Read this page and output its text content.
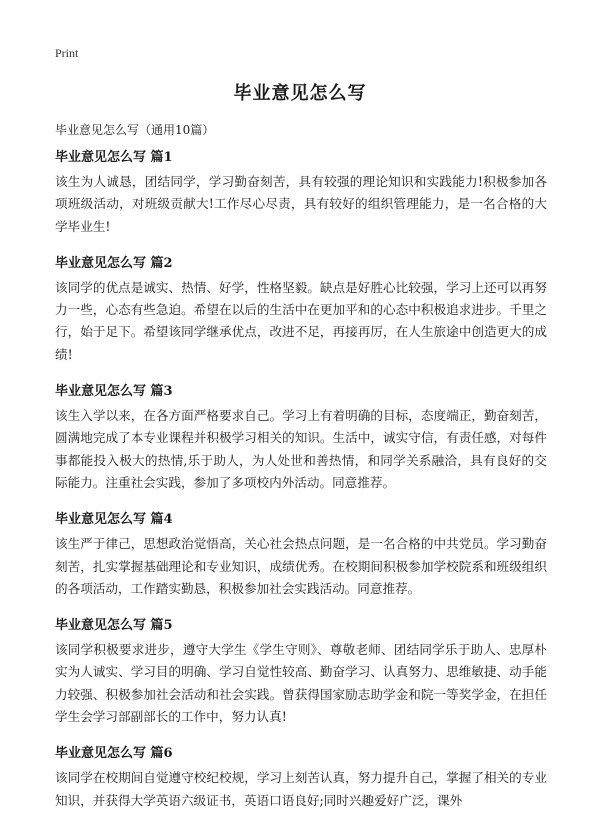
Print
毕业意见怎么写

毕业意见怎么写（通用10篇）

毕业意见怎么写 篇1

该生为人诚恳，团结同学，学习勤奋刻苦，具有较强的理论知识和实践能力!积极参加各项班级活动，对班级贡献大!工作尽心尽责，具有较好的组织管理能力，是一名合格的大学毕业生!

毕业意见怎么写 篇2

该同学的优点是诚实、热情、好学，性格坚毅。缺点是好胜心比较强，学习上还可以再努力一些，心态有些急迫。希望在以后的生活中在更加平和的心态中积极追求进步。千里之行，始于足下。希望该同学继承优点，改进不足，再接再厉，在人生旅途中创造更大的成绩!

毕业意见怎么写 篇3

该生入学以来，在各方面严格要求自己。学习上有着明确的目标，态度端正，勤奋刻苦，圆满地完成了本专业课程并积极学习相关的知识。生活中，诚实守信，有责任感，对每件事都能投入极大的热情,乐于助人，为人处世和善热情，和同学关系融洽，具有良好的交际能力。注重社会实践，参加了多项校内外活动。同意推荐。

毕业意见怎么写 篇4

该生严于律己，思想政治觉悟高，关心社会热点问题，是一名合格的中共党员。学习勤奋刻苦，扎实掌握基础理论和专业知识，成绩优秀。在校期间积极参加学校院系和班级组织的各项活动，工作踏实勤恳，积极参加社会实践活动。同意推荐。

毕业意见怎么写 篇5

该同学积极要求进步，遵守大学生《学生守则》、尊敬老师、团结同学乐于助人、忠厚朴实为人诚实、学习目的明确、学习自觉性较高、勤奋学习、认真努力、思维敏捷、动手能力较强、积极参加社会活动和社会实践。曾获得国家励志助学金和院一等奖学金，在担任学生会学习部副部长的工作中，努力认真!

毕业意见怎么写 篇6

该同学在校期间自觉遵守校纪校规，学习上刻苦认真，努力提升自己，掌握了相关的专业知识，并获得大学英语六级证书，英语口语良好;同时兴趣爱好广泛，课外
